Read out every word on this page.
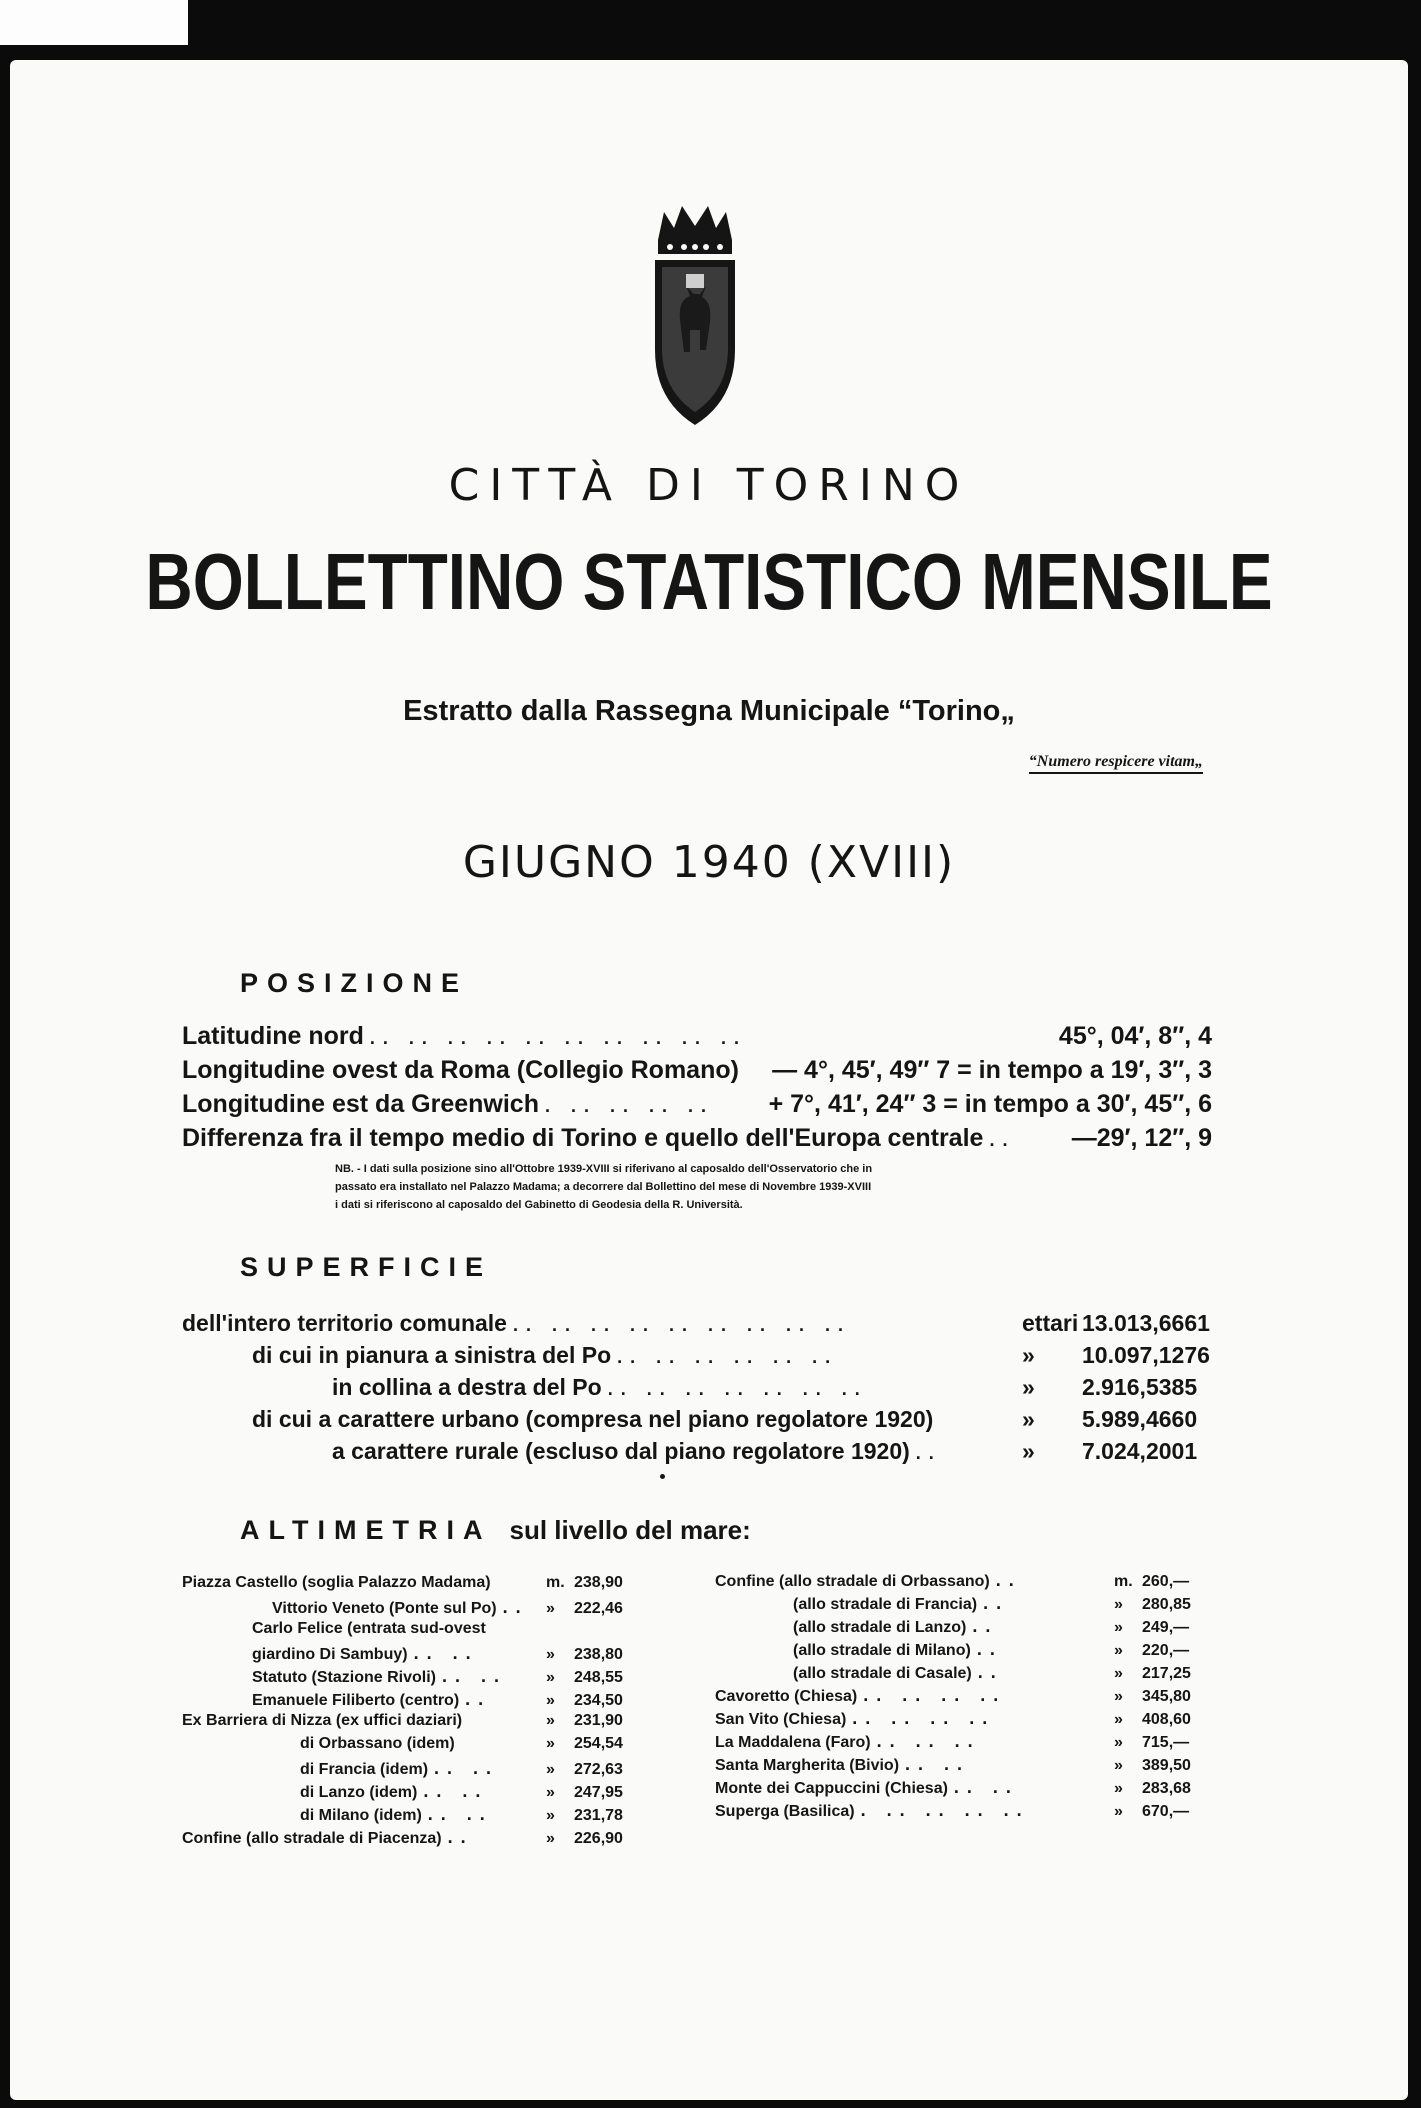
CITTÀ DI TORINO
BOLLETTINO STATISTICO MENSILE
Estratto dalla Rassegna Municipale “Torino„
“Numero respicere vitam„
GIUGNO 1940 (XVIII)
POSIZIONE
Latitudine nord .. .. .. .. .. .. .. .. .. ..	45°, 04′, 8″, 4
Longitudine ovest da Roma (Collegio Romano) — 4°, 45′, 49″ 7 = in tempo a 19′, 3″, 3
Longitudine est da Greenwich . .. .. .. ..	+ 7°, 41′, 24″ 3 = in tempo a 30′, 45″, 6
Differenza fra il tempo medio di Torino e quello dell'Europa centrale ..	—29′, 12″, 9
NB. - I dati sulla posizione sino all'Ottobre 1939-XVIII si riferivano al caposaldo dell'Osservatorio che in
passato era installato nel Palazzo Madama; a decorrere dal Bollettino del mese di Novembre 1939-XVIII
i dati si riferiscono al caposaldo del Gabinetto di Geodesia della R. Università.
SUPERFICIE
dell'intero territorio comunale .. .. .. .. .. .. .. .. ..	ettari 13.013,6661
di cui in pianura a sinistra del Po .. .. .. .. .. ..	» 10.097,1276
in collina a destra del Po .. .. .. .. .. .. ..	» 2.916,5385
di cui a carattere urbano (compresa nel piano regolatore 1920)	» 5.989,4660
a carattere rurale (escluso dal piano regolatore 1920) ..	» 7.024,2001
ALTIMETRIA sul livello del mare:
Piazza Castello (soglia Palazzo Madama)	m. 238,90
Vittorio Veneto (Ponte sul Po) ..	» 222,46
Carlo Felice (entrata sud-ovest
giardino Di Sambuy) .. ..	» 238,80
Statuto (Stazione Rivoli) .. ..	» 248,55
Emanuele Filiberto (centro) ..	» 234,50
Ex Barriera di Nizza (ex uffici daziari)	» 231,90
di Orbassano (idem)	» 254,54
di Francia (idem) .. ..	» 272,63
di Lanzo (idem) .. ..	» 247,95
di Milano (idem) .. ..	» 231,78
Confine (allo stradale di Piacenza) ..	» 226,90
Confine (allo stradale di Orbassano) ..	m. 260,—
(allo stradale di Francia) ..	» 280,85
(allo stradale di Lanzo) ..	» 249,—
(allo stradale di Milano) ..	» 220,—
(allo stradale di Casale) ..	» 217,25
Cavoretto (Chiesa) .. .. .. ..	» 345,80
San Vito (Chiesa) .. .. .. ..	» 408,60
La Maddalena (Faro) .. .. ..	» 715,—
Santa Margherita (Bivio) .. ..	» 389,50
Monte dei Cappuccini (Chiesa) .. ..	» 283,68
Superga (Basilica) . .. .. .. ..	» 670,—
